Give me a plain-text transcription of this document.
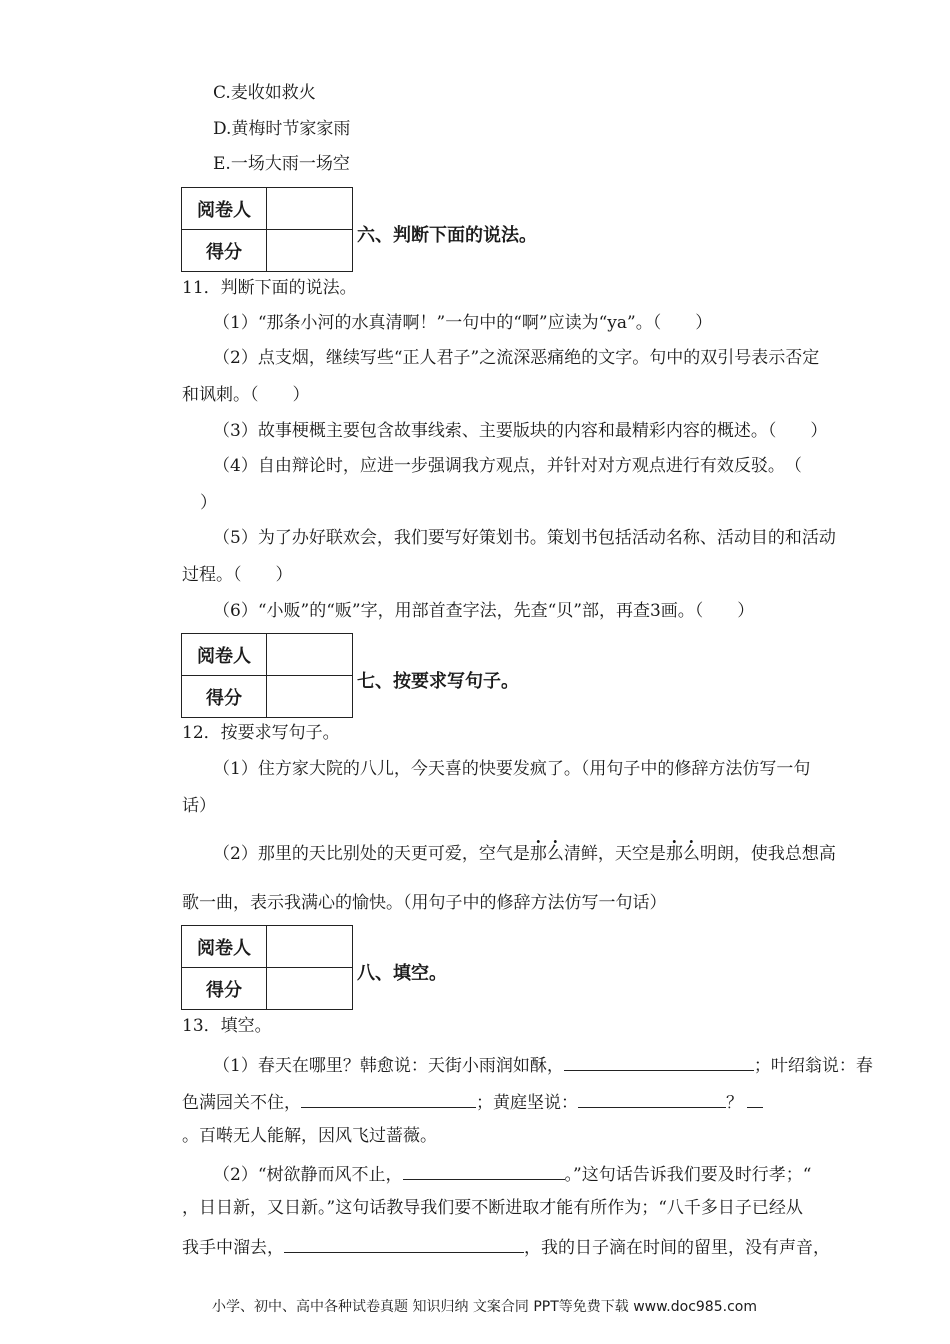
C.麦收如救火
D.黄梅时节家家雨
E.一场大雨一场空
阅卷人	
得分	
六、判断下面的说法。
11．判断下面的说法。
（1）“那条小河的水真清啊！”一句中的“啊”应读为“ya”。（　　）
（2）点支烟，继续写些“正人君子”之流深恶痛绝的文字。句中的双引号表示否定
和讽刺。（　　）
（3）故事梗概主要包含故事线索、主要版块的内容和最精彩内容的概述。（　　）
（4）自由辩论时，应进一步强调我方观点，并针对对方观点进行有效反驳。　（
）
（5）为了办好联欢会，我们要写好策划书。策划书包括活动名称、活动目的和活动
过程。（　　）
（6）“小贩”的“贩”字，用部首查字法，先查“贝”部，再查3画。（　　）
阅卷人	
得分	
七、按要求写句子。
12．按要求写句子。
（1）住方家大院的八儿，今天喜的快要发疯了。（用句子中的修辞方法仿写一句
话）
（2）那里的天比别处的天更可爱，空气是那么清鲜，天空是那么明朗，使我总想高
歌一曲，表示我满心的愉快。（用句子中的修辞方法仿写一句话）
阅卷人	
得分	
八、填空。
13．填空。
（1）春天在哪里？韩愈说：天街小雨润如酥，	；叶绍翁说：春
色满园关不住，	；黄庭坚说：	？
。百啭无人能解，因风飞过蔷薇。
（2）“树欲静而风不止，	。”这句话告诉我们要及时行孝；“
，日日新，又日新。”这句话教导我们要不断进取才能有所作为；“八千多日子已经从
我手中溜去，	，我的日子滴在时间的留里，没有声音，
小学、初中、高中各种试卷真题 知识归纳 文案合同 PPT等免费下载 www.doc985.com
